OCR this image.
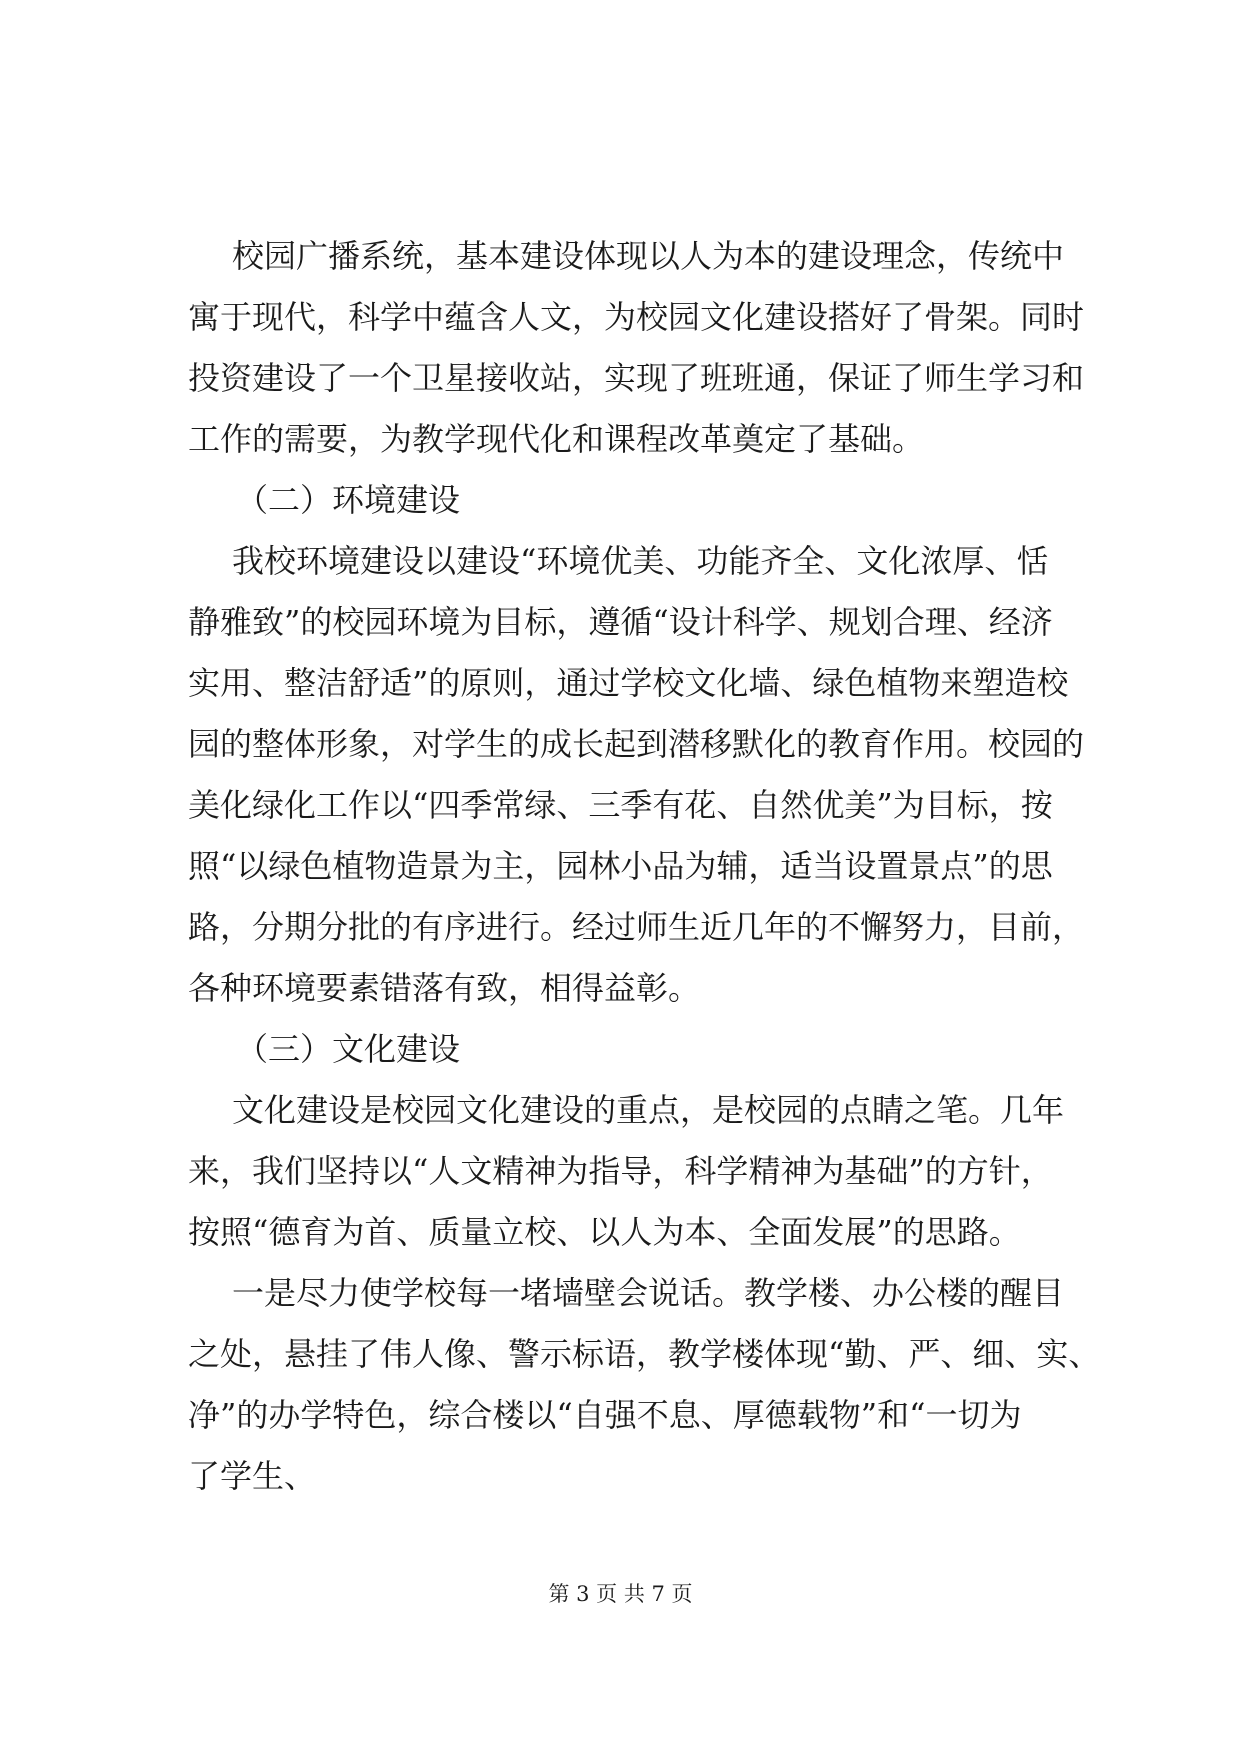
校园广播系统，基本建设体现以人为本的建设理念，传统中
寓于现代，科学中蕴含人文，为校园文化建设搭好了骨架。同时
投资建设了一个卫星接收站，实现了班班通，保证了师生学习和
工作的需要，为教学现代化和课程改革奠定了基础。
（二）环境建设
我校环境建设以建设“环境优美、功能齐全、文化浓厚、恬
静雅致”的校园环境为目标，遵循“设计科学、规划合理、经济
实用、整洁舒适”的原则，通过学校文化墙、绿色植物来塑造校
园的整体形象，对学生的成长起到潜移默化的教育作用。校园的
美化绿化工作以“四季常绿、三季有花、自然优美”为目标，按
照“以绿色植物造景为主，园林小品为辅，适当设置景点”的思
路，分期分批的有序进行。经过师生近几年的不懈努力，目前，
各种环境要素错落有致，相得益彰。
（三）文化建设
文化建设是校园文化建设的重点，是校园的点睛之笔。几年
来，我们坚持以“人文精神为指导，科学精神为基础”的方针，
按照“德育为首、质量立校、以人为本、全面发展”的思路。
一是尽力使学校每一堵墙壁会说话。教学楼、办公楼的醒目
之处，悬挂了伟人像、警示标语，教学楼体现“勤、严、细、实、
净”的办学特色，综合楼以“自强不息、厚德载物”和“一切为
了学生、
第 3 页 共 7 页
